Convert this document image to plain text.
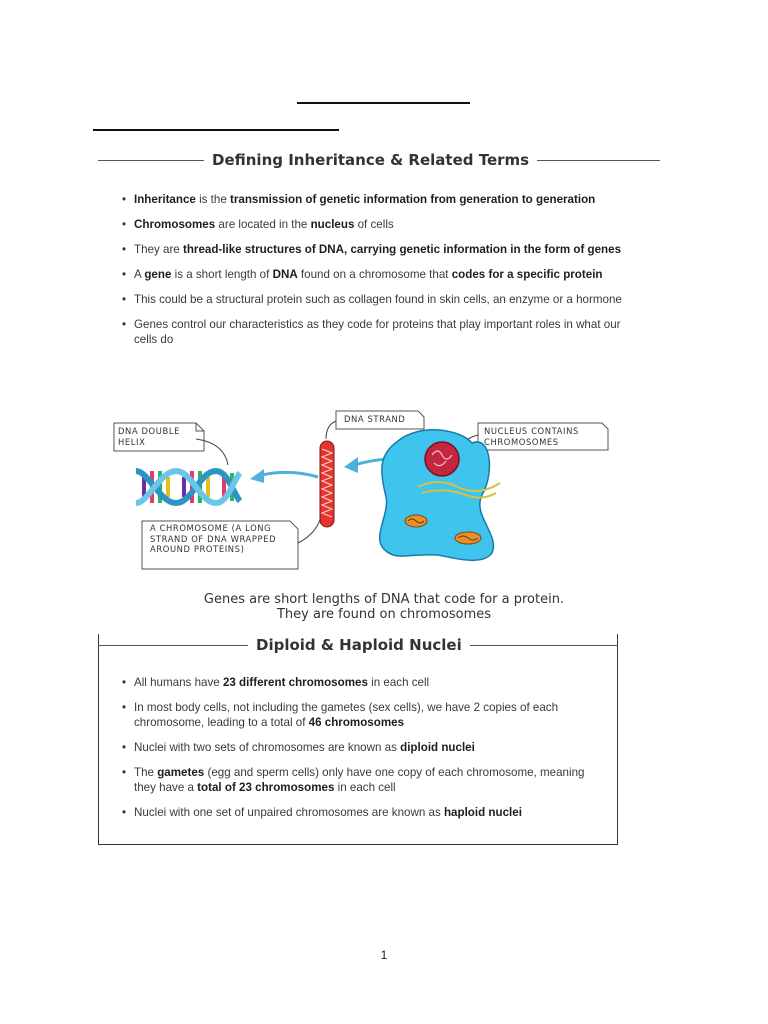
Defining Inheritance & Related Terms
• Inheritance is the transmission of genetic information from generation to generation
• Chromosomes are located in the nucleus of cells
• They are thread-like structures of DNA, carrying genetic information in the form of genes
• A gene is a short length of DNA found on a chromosome that codes for a specific protein
• This could be a structural protein such as collagen found in skin cells, an enzyme or a hormone
• Genes control our characteristics as they code for proteins that play important roles in what our cells do
DNA DOUBLE HELIX
DNA STRAND
NUCLEUS CONTAINS CHROMOSOMES
A CHROMOSOME (A LONG STRAND OF DNA WRAPPED AROUND PROTEINS)
Genes are short lengths of DNA that code for a protein.
They are found on chromosomes
Diploid & Haploid Nuclei
• All humans have 23 different chromosomes in each cell
• In most body cells, not including the gametes (sex cells), we have 2 copies of each chromosome, leading to a total of 46 chromosomes
• Nuclei with two sets of chromosomes are known as diploid nuclei
• The gametes (egg and sperm cells) only have one copy of each chromosome, meaning they have a total of 23 chromosomes in each cell
• Nuclei with one set of unpaired chromosomes are known as haploid nuclei
1
